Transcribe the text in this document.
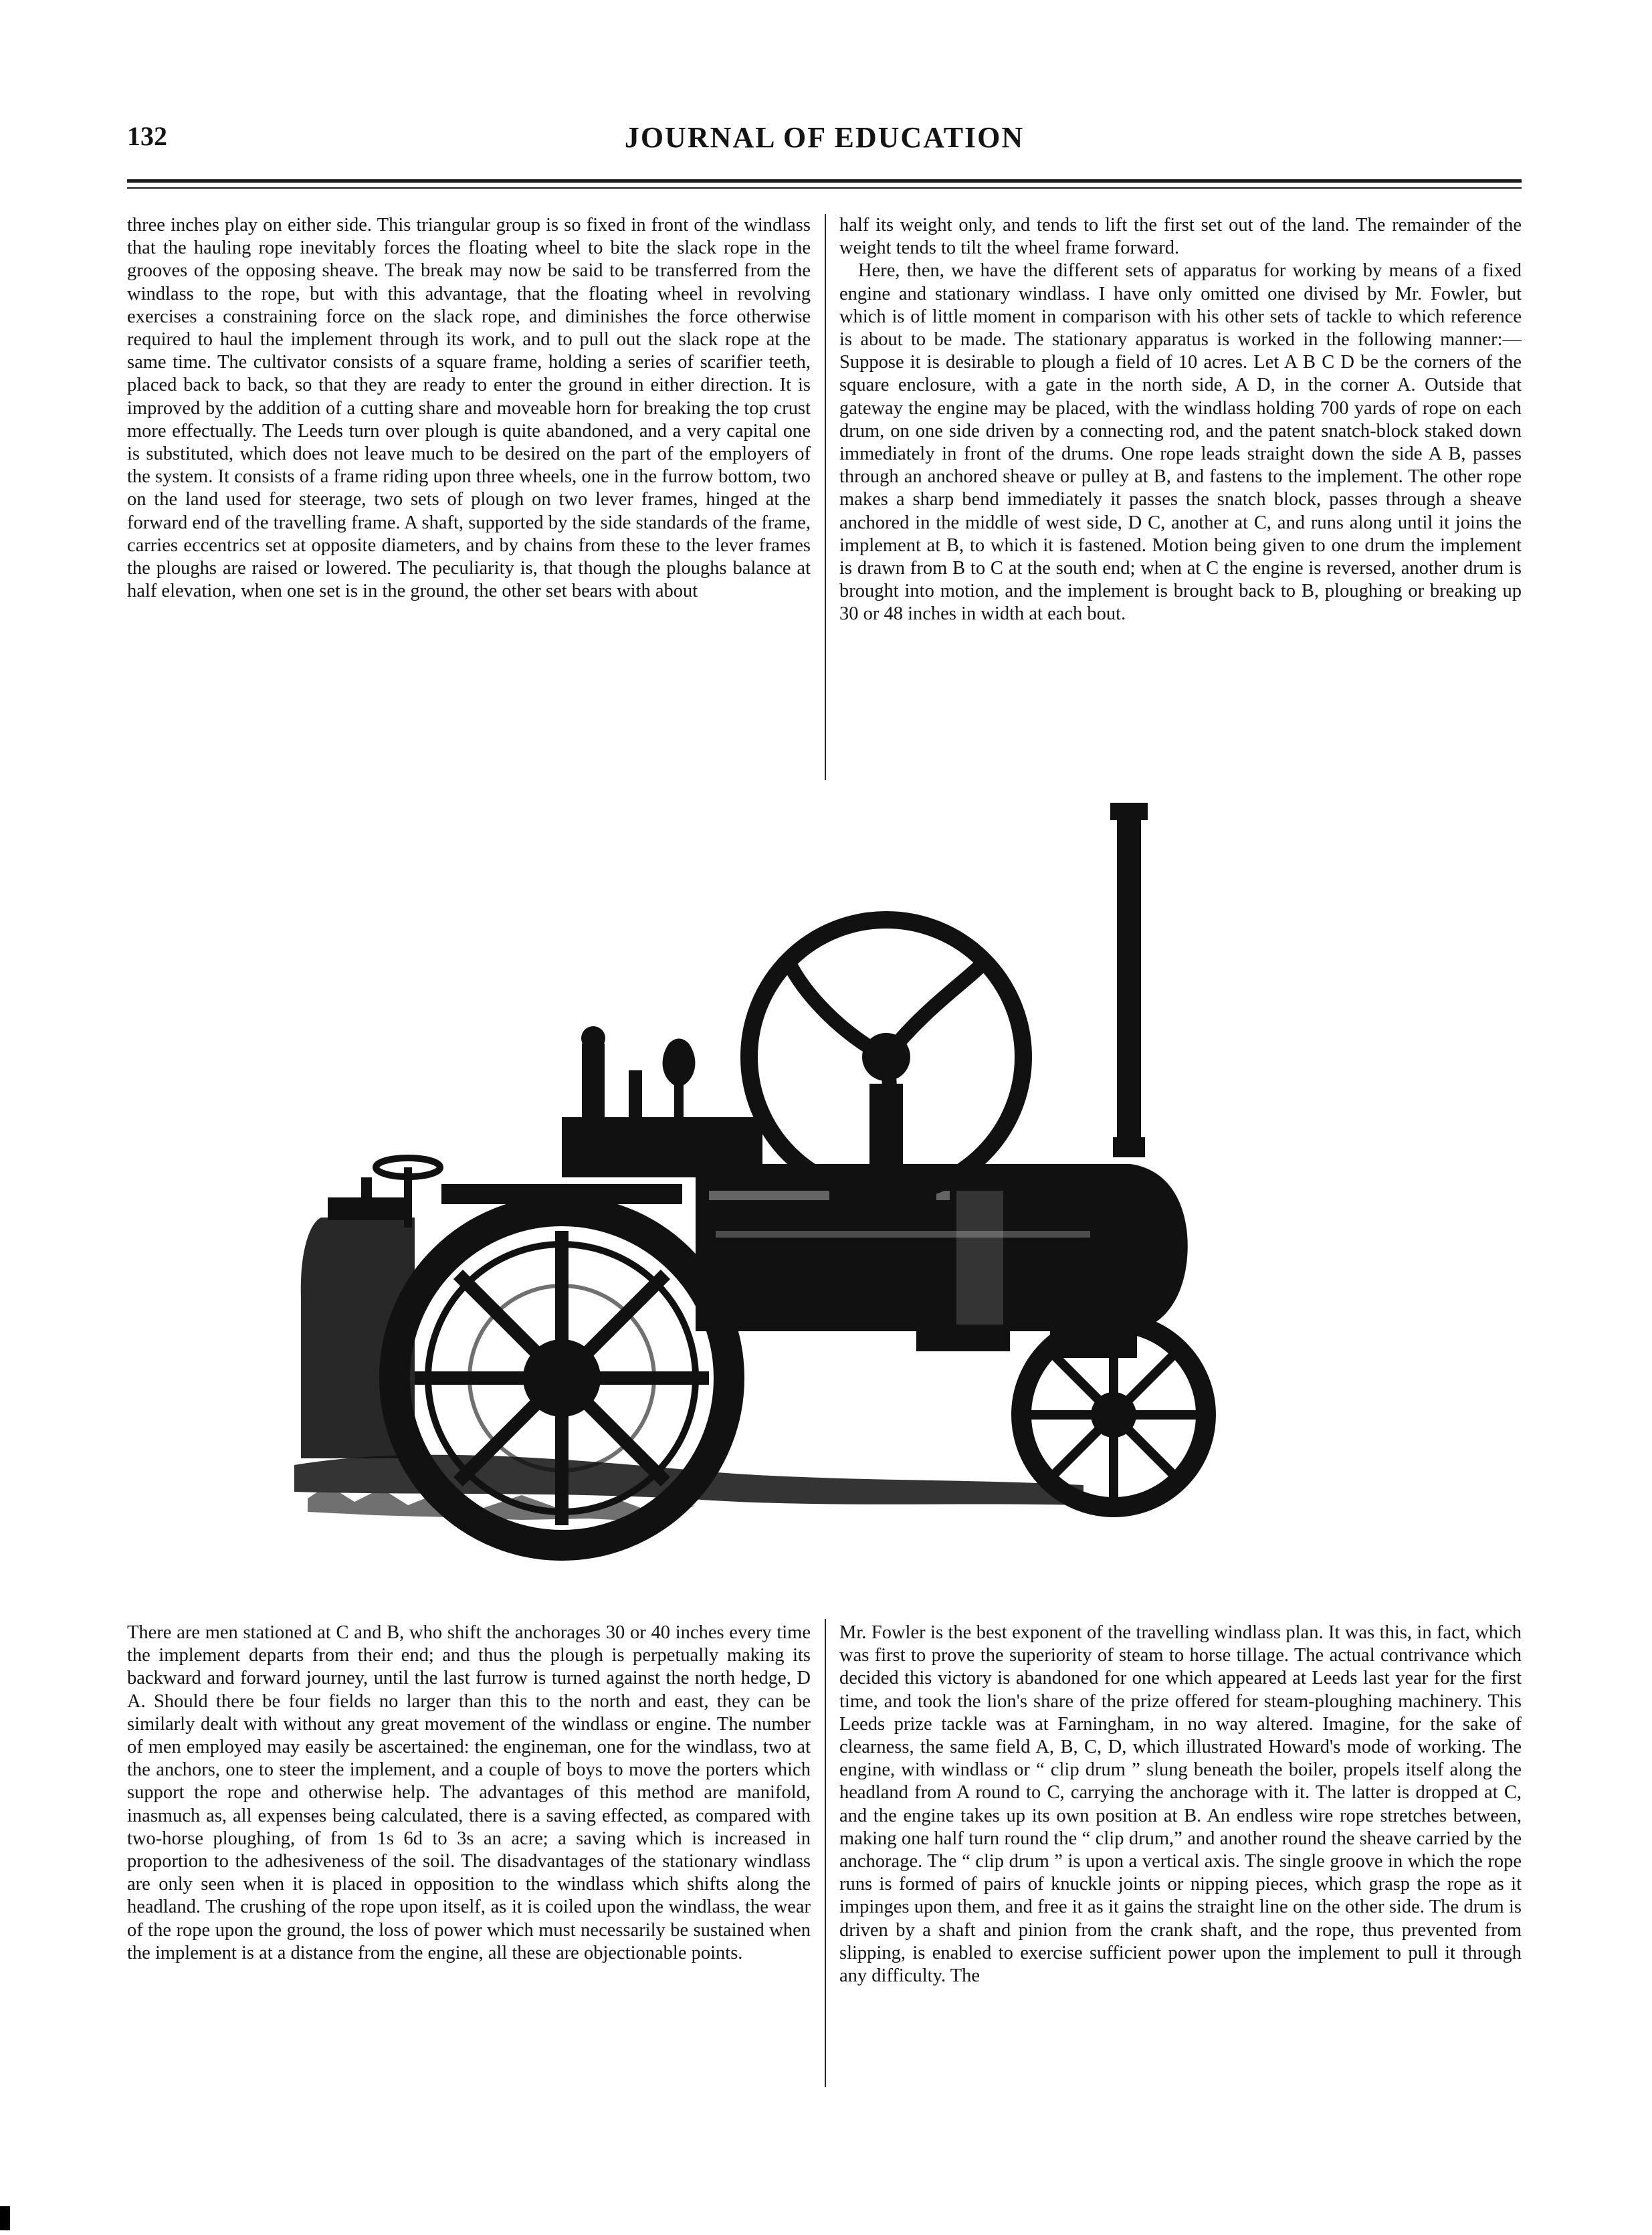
132	JOURNAL OF EDUCATION

three inches play on either side. This triangular group is so fixed in front of the windlass that the hauling rope inevitably forces the floating wheel to bite the slack rope in the grooves of the opposing sheave. The break may now be said to be transferred from the windlass to the rope, but with this advantage, that the floating wheel in revolving exercises a constraining force on the slack rope, and diminishes the force otherwise required to haul the implement through its work, and to pull out the slack rope at the same time. The cultivator consists of a square frame, holding a series of scarifier teeth, placed back to back, so that they are ready to enter the ground in either direction. It is improved by the addition of a cutting share and moveable horn for breaking the top crust more effectually. The Leeds turn over plough is quite abandoned, and a very capital one is substituted, which does not leave much to be desired on the part of the employers of the system. It consists of a frame riding upon three wheels, one in the furrow bottom, two on the land used for steerage, two sets of plough on two lever frames, hinged at the forward end of the travelling frame. A shaft, supported by the side standards of the frame, carries eccentrics set at opposite diameters, and by chains from these to the lever frames the ploughs are raised or lowered. The peculiarity is, that though the ploughs balance at half elevation, when one set is in the ground, the other set bears with about

half its weight only, and tends to lift the first set out of the land. The remainder of the weight tends to tilt the wheel frame forward.

Here, then, we have the different sets of apparatus for working by means of a fixed engine and stationary windlass. I have only omitted one divised by Mr. Fowler, but which is of little moment in comparison with his other sets of tackle to which reference is about to be made. The stationary apparatus is worked in the following manner:—Suppose it is desirable to plough a field of 10 acres. Let A B C D be the corners of the square enclosure, with a gate in the north side, A D, in the corner A. Outside that gateway the engine may be placed, with the windlass holding 700 yards of rope on each drum, on one side driven by a connecting rod, and the patent snatch-block staked down immediately in front of the drums. One rope leads straight down the side A B, passes through an anchored sheave or pulley at B, and fastens to the implement. The other rope makes a sharp bend immediately it passes the snatch block, passes through a sheave anchored in the middle of west side, D C, another at C, and runs along until it joins the implement at B, to which it is fastened. Motion being given to one drum the implement is drawn from B to C at the south end; when at C the engine is reversed, another drum is brought into motion, and the implement is brought back to B, ploughing or breaking up 30 or 48 inches in width at each bout.

There are men stationed at C and B, who shift the anchorages 30 or 40 inches every time the implement departs from their end; and thus the plough is perpetually making its backward and forward journey, until the last furrow is turned against the north hedge, D A. Should there be four fields no larger than this to the north and east, they can be similarly dealt with without any great movement of the windlass or engine. The number of men employed may easily be ascertained: the engineman, one for the windlass, two at the anchors, one to steer the implement, and a couple of boys to move the porters which support the rope and otherwise help. The advantages of this method are manifold, inasmuch as, all expenses being calculated, there is a saving effected, as compared with two-horse ploughing, of from 1s 6d to 3s an acre; a saving which is increased in proportion to the adhesiveness of the soil. The disadvantages of the stationary windlass are only seen when it is placed in opposition to the windlass which shifts along the headland. The crushing of the rope upon itself, as it is coiled upon the windlass, the wear of the rope upon the ground, the loss of power which must necessarily be sustained when the implement is at a distance from the engine, all these are objectionable points.

Mr. Fowler is the best exponent of the travelling windlass plan. It was this, in fact, which was first to prove the superiority of steam to horse tillage. The actual contrivance which decided this victory is abandoned for one which appeared at Leeds last year for the first time, and took the lion's share of the prize offered for steam-ploughing machinery. This Leeds prize tackle was at Farningham, in no way altered. Imagine, for the sake of clearness, the same field A, B, C, D, which illustrated Howard's mode of working. The engine, with windlass or “ clip drum ” slung beneath the boiler, propels itself along the headland from A round to C, carrying the anchorage with it. The latter is dropped at C, and the engine takes up its own position at B. An endless wire rope stretches between, making one half turn round the “ clip drum,” and another round the sheave carried by the anchorage. The “ clip drum ” is upon a vertical axis. The single groove in which the rope runs is formed of pairs of knuckle joints or nipping pieces, which grasp the rope as it impinges upon them, and free it as it gains the straight line on the other side. The drum is driven by a shaft and pinion from the crank shaft, and the rope, thus prevented from slipping, is enabled to exercise sufficient power upon the implement to pull it through any difficulty. The
